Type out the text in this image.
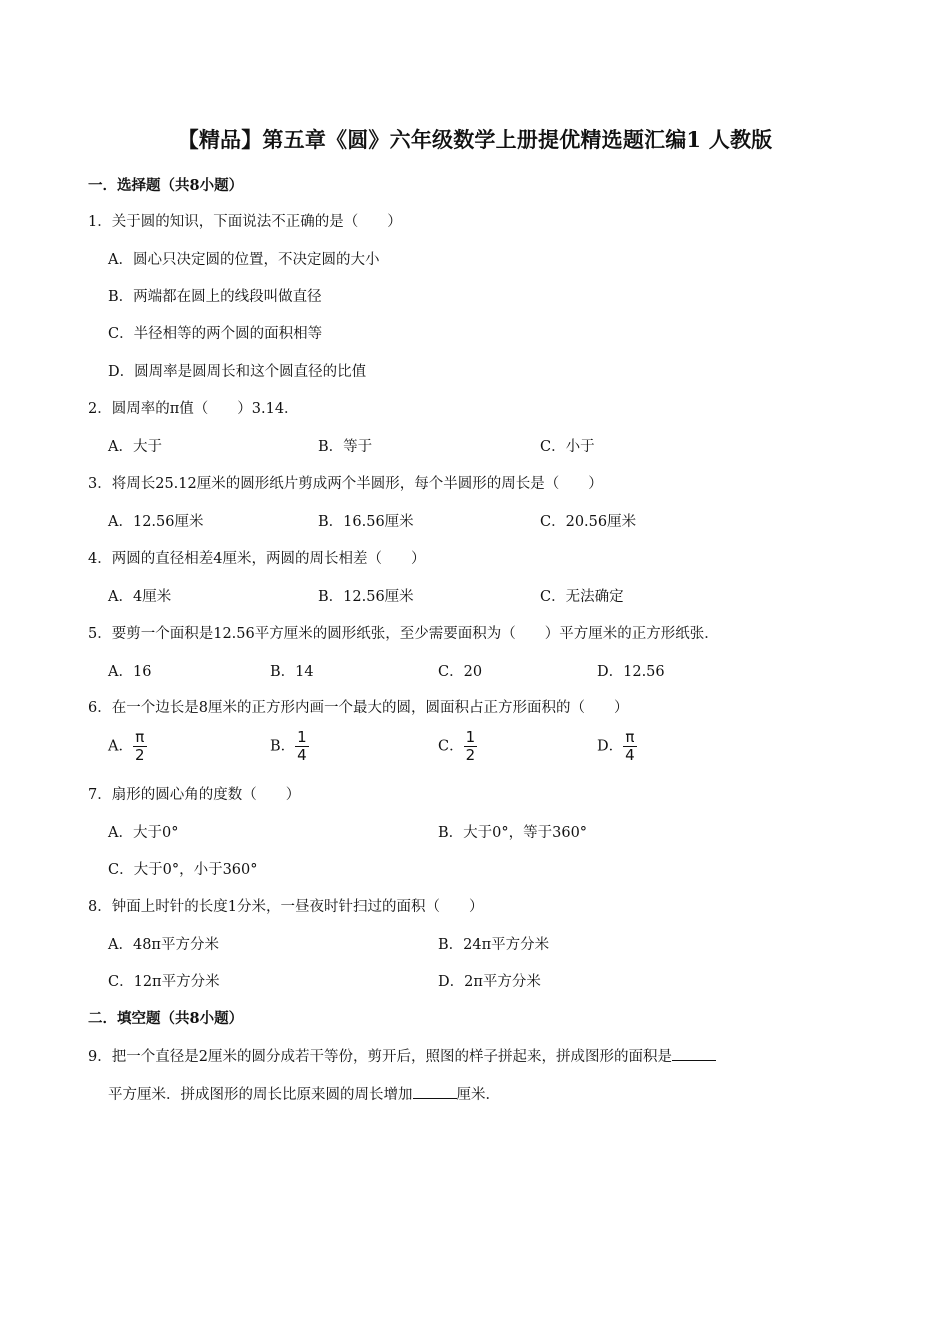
【精品】第五章《圆》六年级数学上册提优精选题汇编1 人教版
一．选择题（共8小题）
1．关于圆的知识，下面说法不正确的是（　　）
A．圆心只决定圆的位置，不决定圆的大小
B．两端都在圆上的线段叫做直径
C．半径相等的两个圆的面积相等
D．圆周率是圆周长和这个圆直径的比值
2．圆周率的π值（　　）3.14．
A．大于	B．等于	C．小于
3．将周长25.12厘米的圆形纸片剪成两个半圆形，每个半圆形的周长是（　　）
A．12.56厘米	B．16.56厘米	C．20.56厘米
4．两圆的直径相差4厘米，两圆的周长相差（　　）
A．4厘米	B．12.56厘米	C．无法确定
5．要剪一个面积是12.56平方厘米的圆形纸张，至少需要面积为（　　）平方厘米的正方形纸张．
A．16	B．14	C．20	D．12.56
6．在一个边长是8厘米的正方形内画一个最大的圆，圆面积占正方形面积的（　　）
A． $\frac{\pi}{2}$	B． $\frac{1}{4}$	C． $\frac{1}{2}$	D． $\frac{\pi}{4}$
7．扇形的圆心角的度数（　　）
A．大于0°	B．大于0°，等于360°
C．大于0°，小于360°
8．钟面上时针的长度1分米，一昼夜时针扫过的面积（　　）
A．48π平方分米	B．24π平方分米
C．12π平方分米	D．2π平方分米
二．填空题（共8小题）
9．把一个直径是2厘米的圆分成若干等份，剪开后，照图的样子拼起来，拼成图形的面积是
平方厘米．拼成图形的周长比原来圆的周长增加	厘米．
